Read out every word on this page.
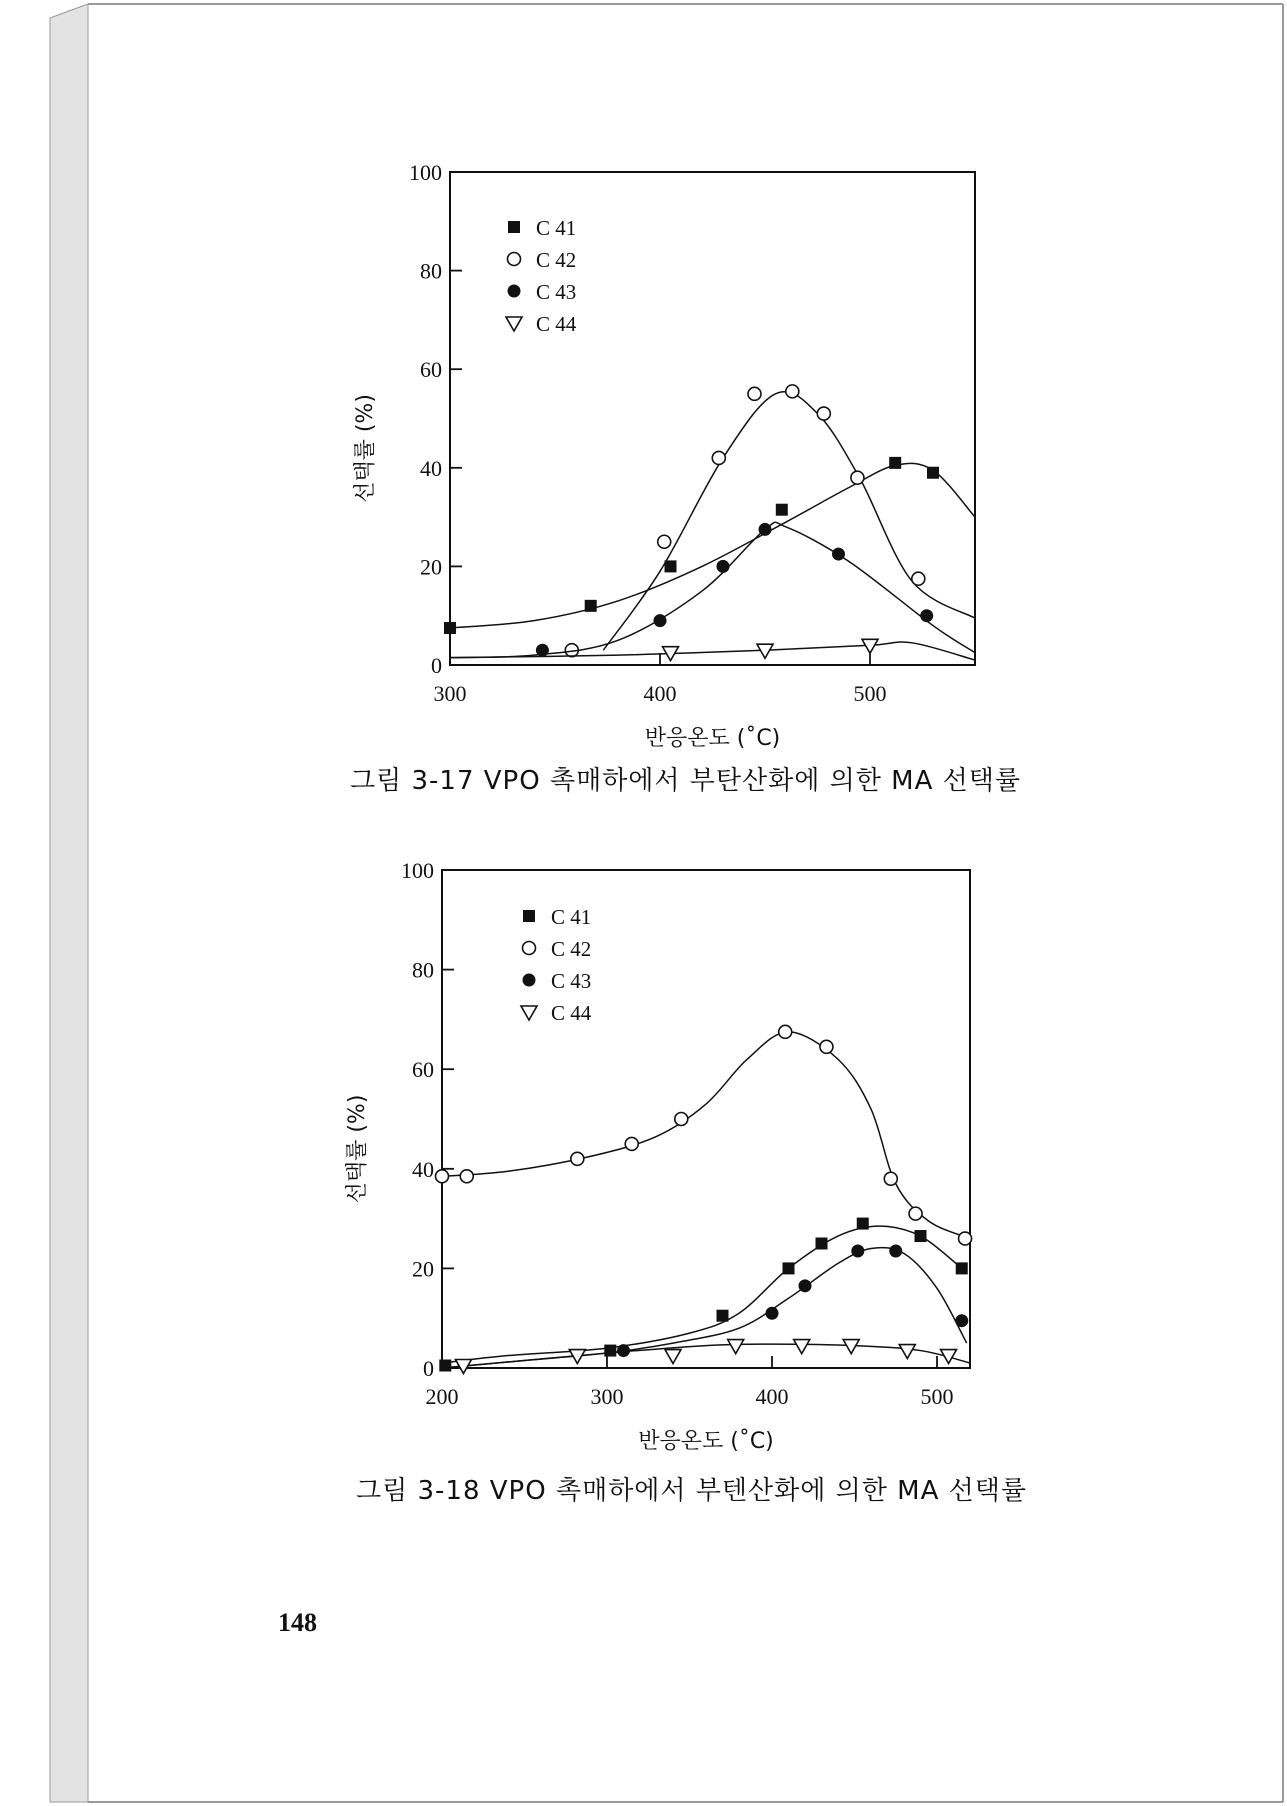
0
20
40
60
80
100
300	400	500
반응온도 (˚C)
선택률 (%)
C 41
C 42
C 43
C 44
그림 3-17 VPO 촉매하에서 부탄산화에 의한 MA 선택률
0
20
40
60
80
100
200	300	400	500
반응온도 (˚C)
선택률 (%)
C 41
C 42
C 43
C 44
그림 3-18 VPO 촉매하에서 부텐산화에 의한 MA 선택률
148
